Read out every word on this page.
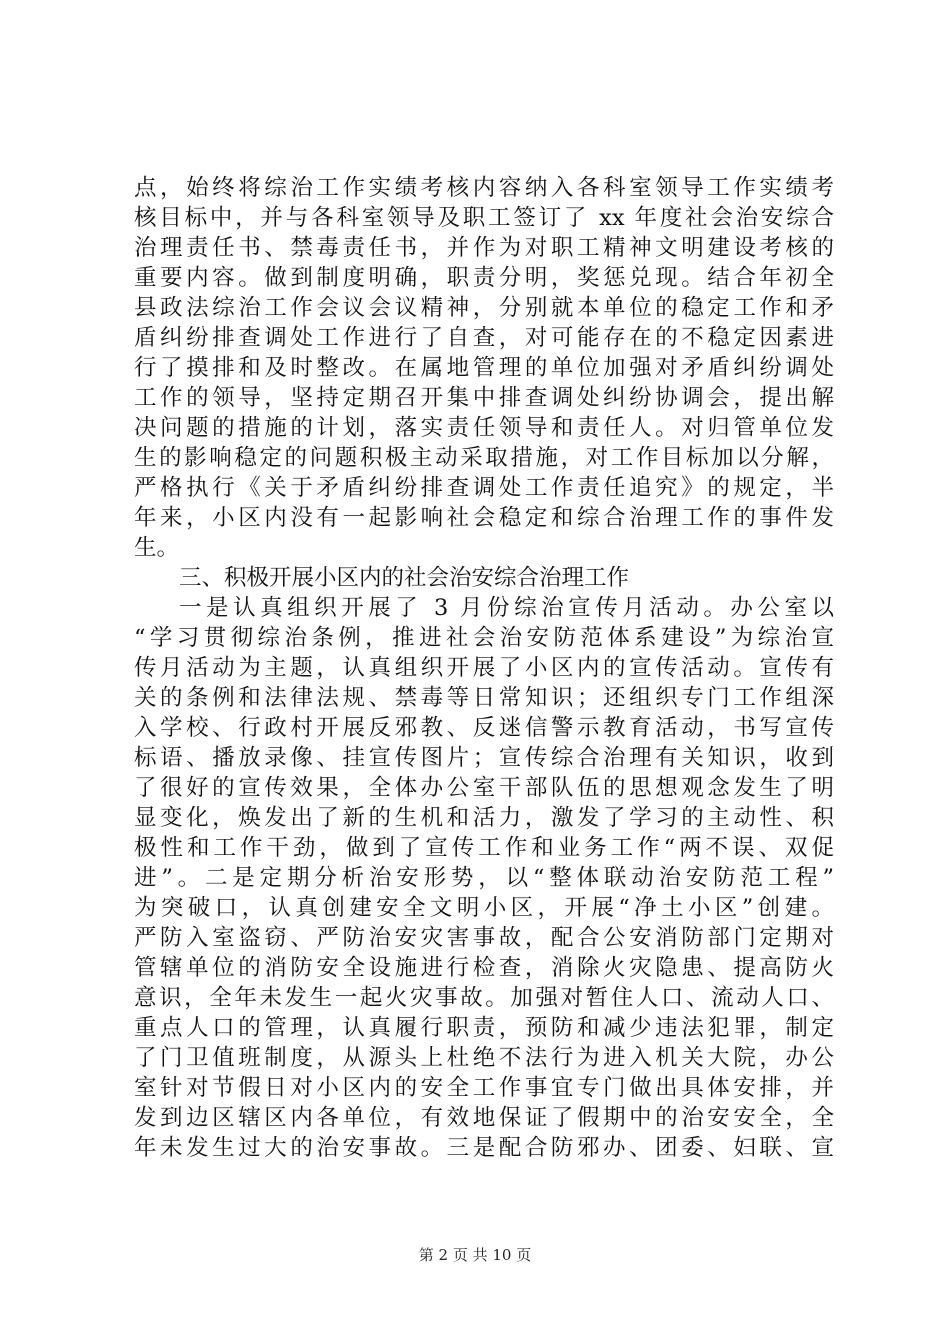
点，始终将综治工作实绩考核内容纳入各科室领导工作实绩考
核目标中，并与各科室领导及职工签订了 xx 年度社会治安综合
治理责任书、禁毒责任书，并作为对职工精神文明建设考核的
重要内容。做到制度明确，职责分明，奖惩兑现。结合年初全
县政法综治工作会议会议精神，分别就本单位的稳定工作和矛
盾纠纷排查调处工作进行了自查，对可能存在的不稳定因素进
行了摸排和及时整改。在属地管理的单位加强对矛盾纠纷调处
工作的领导，坚持定期召开集中排查调处纠纷协调会，提出解
决问题的措施的计划，落实责任领导和责任人。对归管单位发
生的影响稳定的问题积极主动采取措施，对工作目标加以分解，
严格执行《关于矛盾纠纷排查调处工作责任追究》的规定，半
年来，小区内没有一起影响社会稳定和综合治理工作的事件发
生。
三、积极开展小区内的社会治安综合治理工作
一是认真组织开展了 3 月份综治宣传月活动。办公室以
“学习贯彻综治条例，推进社会治安防范体系建设”为综治宣
传月活动为主题，认真组织开展了小区内的宣传活动。宣传有
关的条例和法律法规、禁毒等日常知识；还组织专门工作组深
入学校、行政村开展反邪教、反迷信警示教育活动，书写宣传
标语、播放录像、挂宣传图片；宣传综合治理有关知识，收到
了很好的宣传效果，全体办公室干部队伍的思想观念发生了明
显变化，焕发出了新的生机和活力，激发了学习的主动性、积
极性和工作干劲，做到了宣传工作和业务工作“两不误、双促
进”。二是定期分析治安形势，以“整体联动治安防范工程”
为突破口，认真创建安全文明小区，开展“净土小区”创建。
严防入室盗窃、严防治安灾害事故，配合公安消防部门定期对
管辖单位的消防安全设施进行检查，消除火灾隐患、提高防火
意识，全年未发生一起火灾事故。加强对暂住人口、流动人口、
重点人口的管理，认真履行职责，预防和减少违法犯罪，制定
了门卫值班制度，从源头上杜绝不法行为进入机关大院，办公
室针对节假日对小区内的安全工作事宜专门做出具体安排，并
发到边区辖区内各单位，有效地保证了假期中的治安安全，全
年未发生过大的治安事故。三是配合防邪办、团委、妇联、宣
第 2 页 共 10 页
